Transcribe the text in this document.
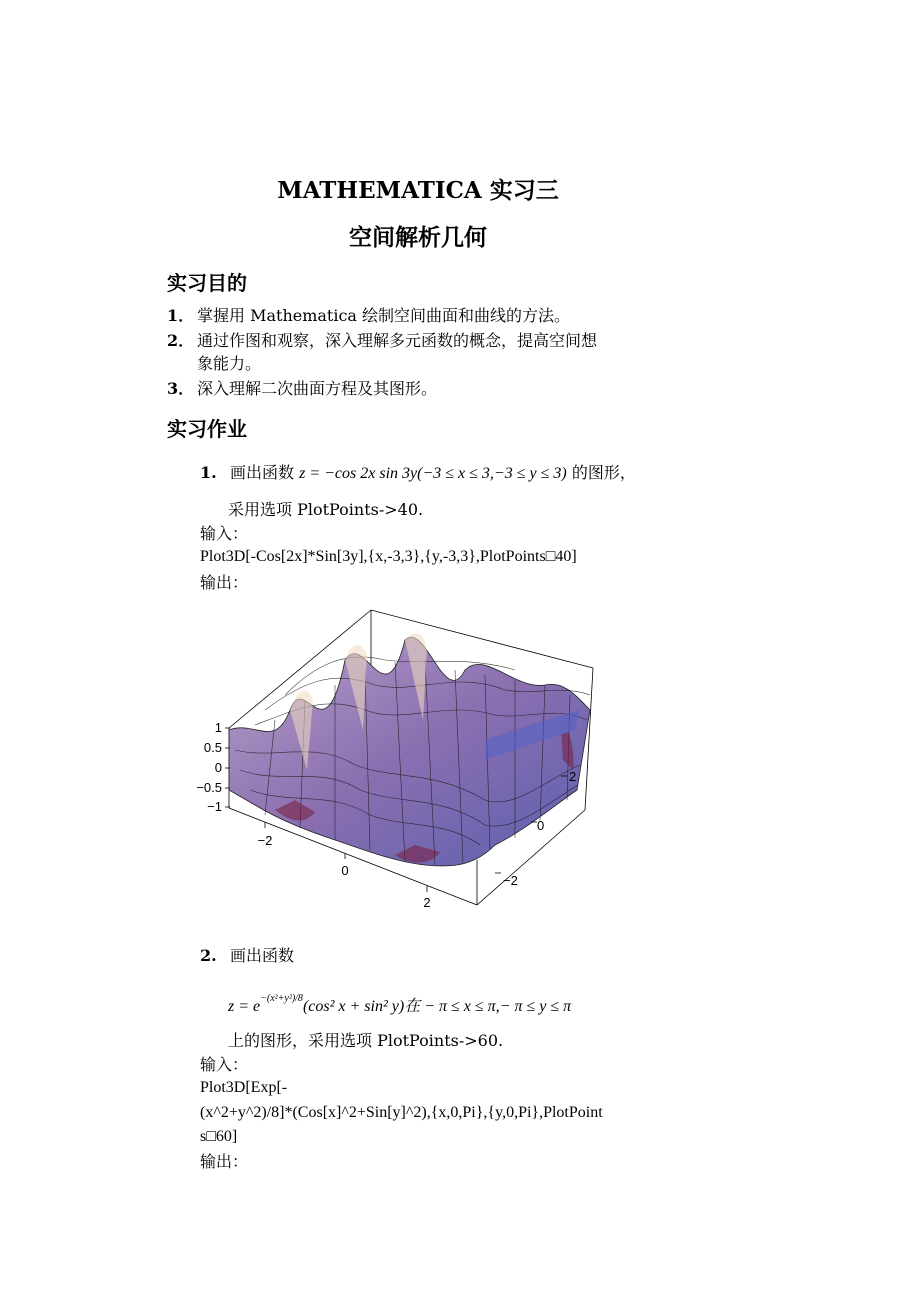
MATHEMATICA 实习三
空间解析几何
实习目的
1． 掌握用 Mathematica 绘制空间曲面和曲线的方法。
2． 通过作图和观察，深入理解多元函数的概念，提高空间想
象能力。
3． 深入理解二次曲面方程及其图形。
实习作业
1. 画出函数 z = −cos 2x sin 3y(−3 ≤ x ≤ 3,−3 ≤ y ≤ 3) 的图形，
采用选项 PlotPoints->40.
输入：
Plot3D[-Cos[2x]*Sin[3y],{x,-3,3},{y,-3,3},PlotPoints□40]
输出：
1
0.5
0
−0.5
−1
−2
0
2
2
0
−2
2. 画出函数
$z = e^{-(x^2+y^2)/8}(\cos^2$ x + sin² y)在 − π ≤ x ≤ π,− π ≤ y ≤ π
上的图形，采用选项 PlotPoints->60.
输入：
Plot3D[Exp[-
(x^2+y^2)/8]*(Cos[x]^2+Sin[y]^2),{x,0,Pi},{y,0,Pi},PlotPoint
s□60]
输出：
